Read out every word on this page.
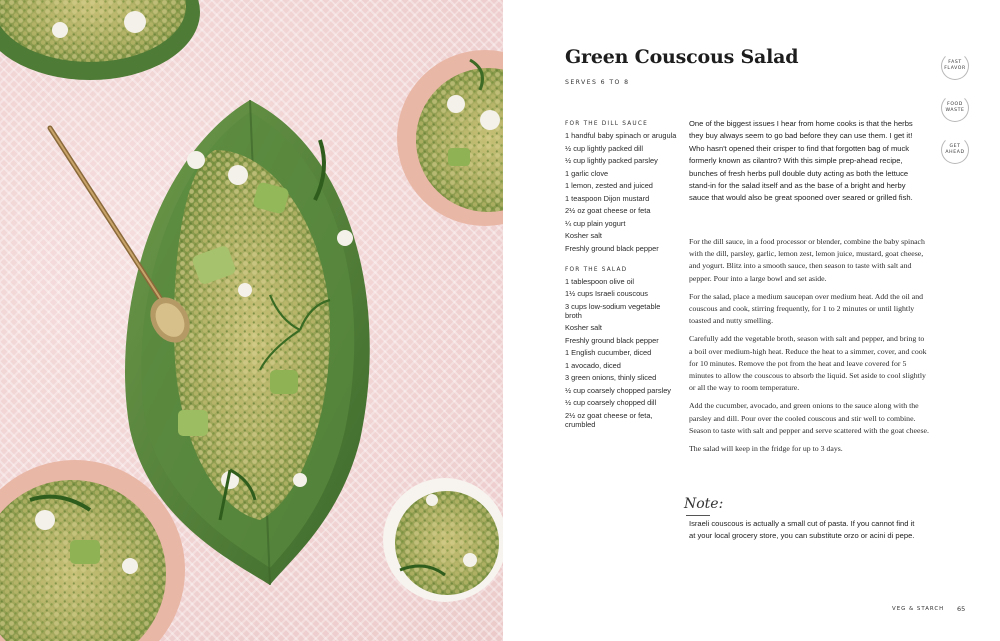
Green Couscous Salad
SERVES 6 TO 8
FAST
FLAVOR
FOOD
WASTE
GET
AHEAD
FOR THE DILL SAUCE
1 handful baby spinach or arugula
½ cup lightly packed dill
½ cup lightly packed parsley
1 garlic clove
1 lemon, zested and juiced
1 teaspoon Dijon mustard
2½ oz goat cheese or feta
¼ cup plain yogurt
Kosher salt
Freshly ground black pepper
FOR THE SALAD
1 tablespoon olive oil
1½ cups Israeli couscous
3 cups low-sodium vegetable broth
Kosher salt
Freshly ground black pepper
1 English cucumber, diced
1 avocado, diced
3 green onions, thinly sliced
½ cup coarsely chopped parsley
½ cup coarsely chopped dill
2½ oz goat cheese or feta, crumbled
One of the biggest issues I hear from home cooks is that the herbs they buy always seem to go bad before they can use them. I get it! Who hasn't opened their crisper to find that forgotten bag of muck formerly known as cilantro? With this simple prep-ahead recipe, bunches of fresh herbs pull double duty acting as both the lettuce stand-in for the salad itself and as the base of a bright and herby sauce that would also be great spooned over seared or grilled fish.

For the dill sauce, in a food processor or blender, combine the baby spinach with the dill, parsley, garlic, lemon zest, lemon juice, mustard, goat cheese, and yogurt. Blitz into a smooth sauce, then season to taste with salt and pepper. Pour into a large bowl and set aside.

For the salad, place a medium saucepan over medium heat. Add the oil and couscous and cook, stirring frequently, for 1 to 2 minutes or until lightly toasted and nutty smelling.

Carefully add the vegetable broth, season with salt and pepper, and bring to a boil over medium-high heat. Reduce the heat to a simmer, cover, and cook for 10 minutes. Remove the pot from the heat and leave covered for 5 minutes to allow the couscous to absorb the liquid. Set aside to cool slightly or all the way to room temperature.

Add the cucumber, avocado, and green onions to the sauce along with the parsley and dill. Pour over the cooled couscous and stir well to combine. Season to taste with salt and pepper and serve scattered with the goat cheese.

The salad will keep in the fridge for up to 3 days.

Note:
Israeli couscous is actually a small cut of pasta. If you cannot find it at your local grocery store, you can substitute orzo or acini di pepe.
VEG & STARCH 65
